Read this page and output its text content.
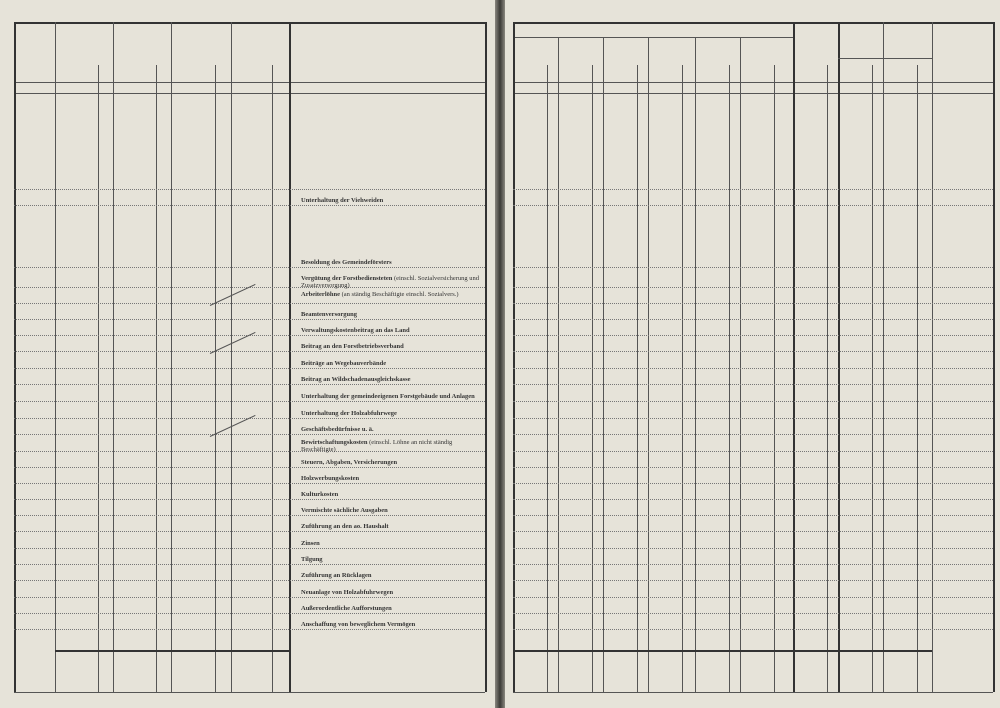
Unterhaltung der Viehweiden
Besoldung des Gemeindeförsters
Vergütung der Forstbediensteten (einschl. Sozialversicherung und Zusatzversorgung)
Arbeiterlöhne (an ständig Beschäftigte einschl. Sozialvers.)
Beamtenversorgung
Verwaltungskostenbeitrag an das Land
Beitrag an den Forstbetriebsverband
Beiträge an Wegebauverbände
Beitrag an Wildschadenausgleichskasse
Unterhaltung der gemeindeeigenen Forstgebäude und Anlagen
Unterhaltung der Holzabfuhrwege
Geschäftsbedürfnisse u. ä.
Bewirtschaftungskosten (einschl. Löhne an nicht ständig Beschäftigte)
Steuern, Abgaben, Versicherungen
Holzwerbungskosten
Kulturkosten
Vermischte sächliche Ausgaben
Zuführung an den ao. Haushalt
Zinsen
Tilgung
Zuführung an Rücklagen
Neuanlage von Holzabfuhrwegen
Außerordentliche Aufforstungen
Anschaffung von beweglichem Vermögen
